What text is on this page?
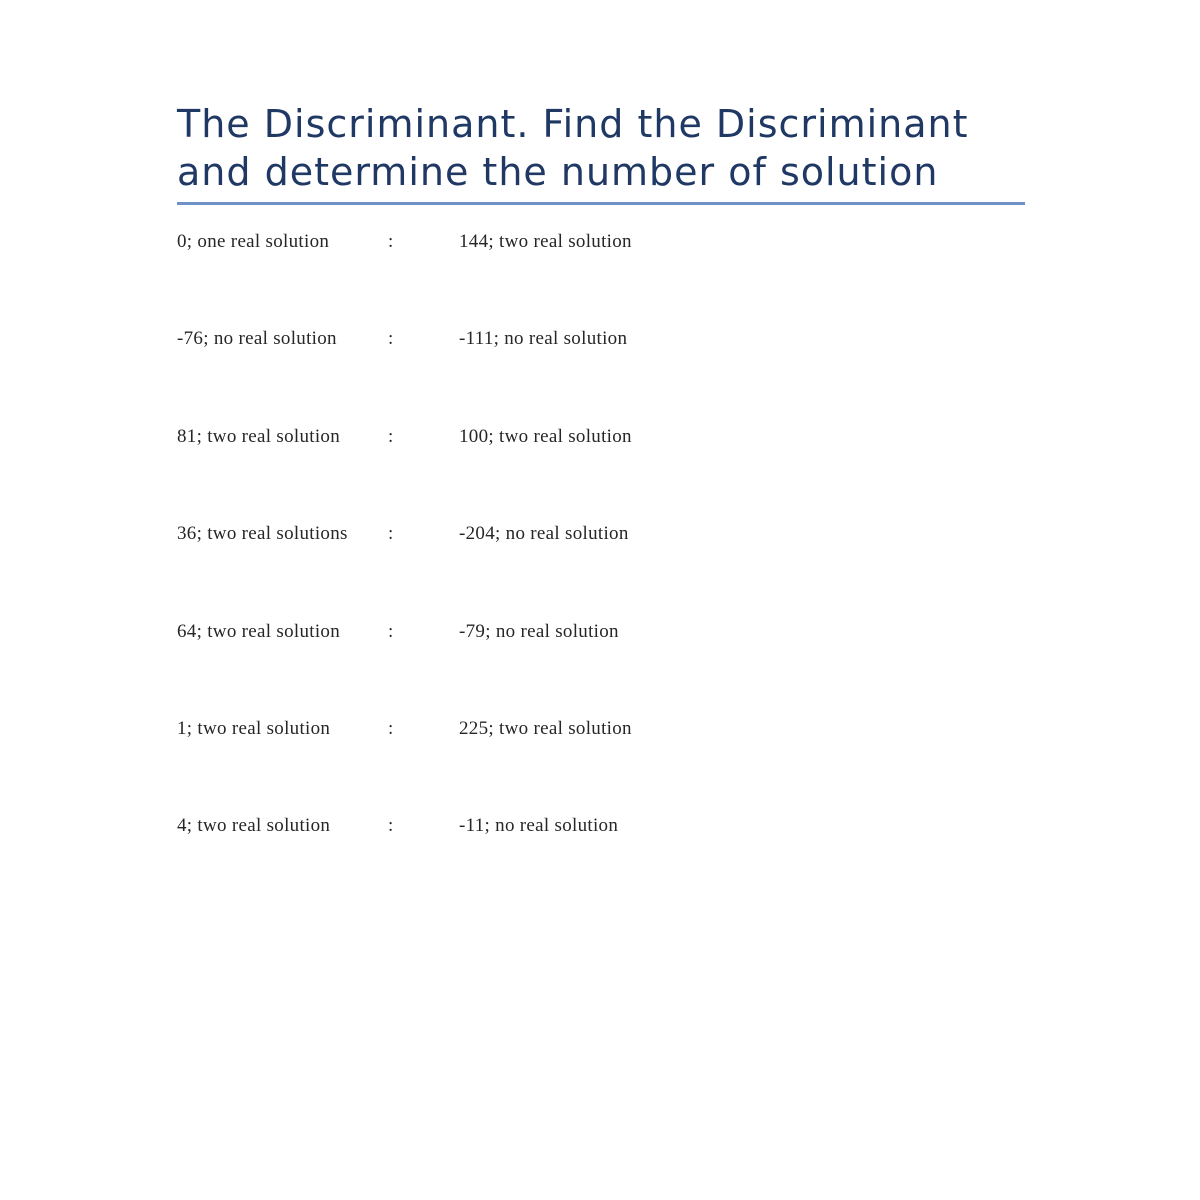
The Discriminant. Find the Discriminant and determine the number of solution
0; one real solution	:	144; two real solution
-76; no real solution	:	-111; no real solution
81; two real solution	:	100; two real solution
36; two real solutions	:	-204; no real solution
64; two real solution	:	-79; no real solution
1; two real solution	:	225; two real solution
4; two real solution	:	-11; no real solution
